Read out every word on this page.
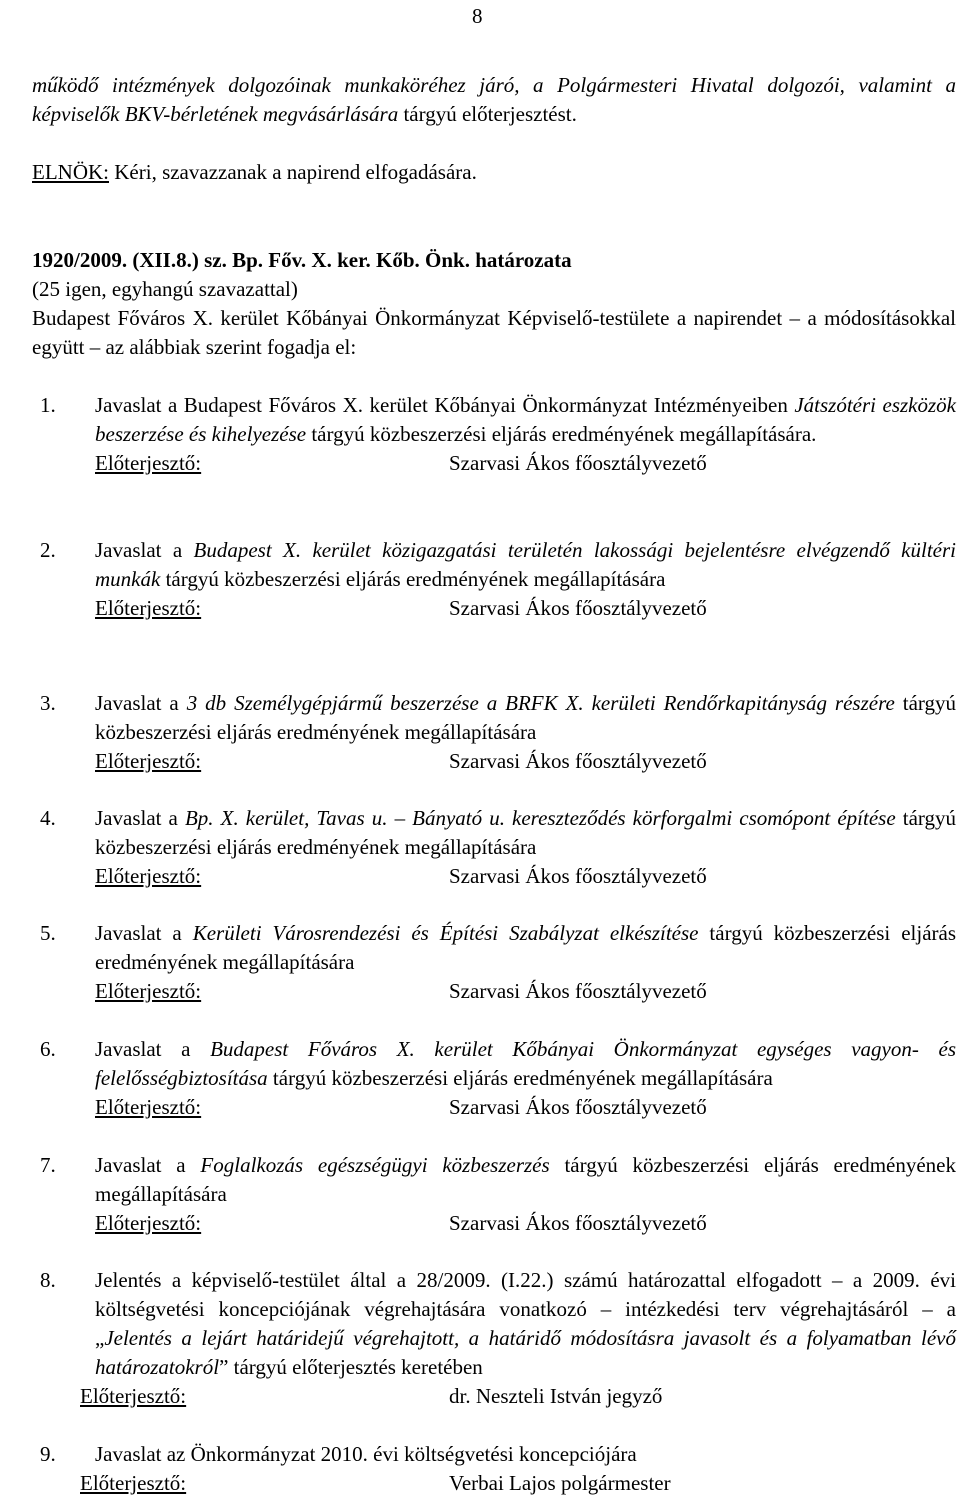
8

működő intézmények dolgozóinak munkaköréhez járó, a Polgármesteri Hivatal dolgozói, valamint a képviselők BKV-bérletének megvásárlására tárgyú előterjesztést.

ELNÖK: Kéri, szavazzanak a napirend elfogadására.

1920/2009. (XII.8.) sz. Bp. Főv. X. ker. Kőb. Önk. határozata

(25 igen, egyhangú szavazattal)

Budapest Főváros X. kerület Kőbányai Önkormányzat Képviselő-testülete a napirendet – a módosításokkal együtt – az alábbiak szerint fogadja el:

1.	Javaslat a Budapest Főváros X. kerület Kőbányai Önkormányzat Intézményeiben Játszótéri eszközök beszerzése és kihelyezése tárgyú közbeszerzési eljárás eredményének megállapítására.

Előterjesztő:	Szarvasi Ákos főosztályvezető
2.	Javaslat a Budapest X. kerület közigazgatási területén lakossági bejelentésre elvégzendő kültéri munkák tárgyú közbeszerzési eljárás eredményének megállapítására

Előterjesztő:	Szarvasi Ákos főosztályvezető
3.	Javaslat a 3 db Személygépjármű beszerzése a BRFK X. kerületi Rendőrkapitányság részére tárgyú közbeszerzési eljárás eredményének megállapítására

Előterjesztő:	Szarvasi Ákos főosztályvezető
4.	Javaslat a Bp. X. kerület, Tavas u. – Bányató u. kereszteződés körforgalmi csomópont építése tárgyú közbeszerzési eljárás eredményének megállapítására

Előterjesztő:	Szarvasi Ákos főosztályvezető
5.	Javaslat a Kerületi Városrendezési és Építési Szabályzat elkészítése tárgyú közbeszerzési eljárás eredményének megállapítására

Előterjesztő:	Szarvasi Ákos főosztályvezető
6.	Javaslat a Budapest Főváros X. kerület Kőbányai Önkormányzat egységes vagyon- és felelősségbiztosítása tárgyú közbeszerzési eljárás eredményének megállapítására

Előterjesztő:	Szarvasi Ákos főosztályvezető
7.	Javaslat a Foglalkozás egészségügyi közbeszerzés tárgyú közbeszerzési eljárás eredményének megállapítására

Előterjesztő:	Szarvasi Ákos főosztályvezető
8.	Jelentés a képviselő-testület által a 28/2009. (I.22.) számú határozattal elfogadott – a 2009. évi költségvetési koncepciójának végrehajtására vonatkozó – intézkedési terv végrehajtásáról – a „Jelentés a lejárt határidejű végrehajtott, a határidő módosításra javasolt és a folyamatban lévő határozatokról” tárgyú előterjesztés keretében

Előterjesztő:	dr. Neszteli István jegyző
9.	Javaslat az Önkormányzat 2010. évi költségvetési koncepciójára

Előterjesztő:	Verbai Lajos polgármester
